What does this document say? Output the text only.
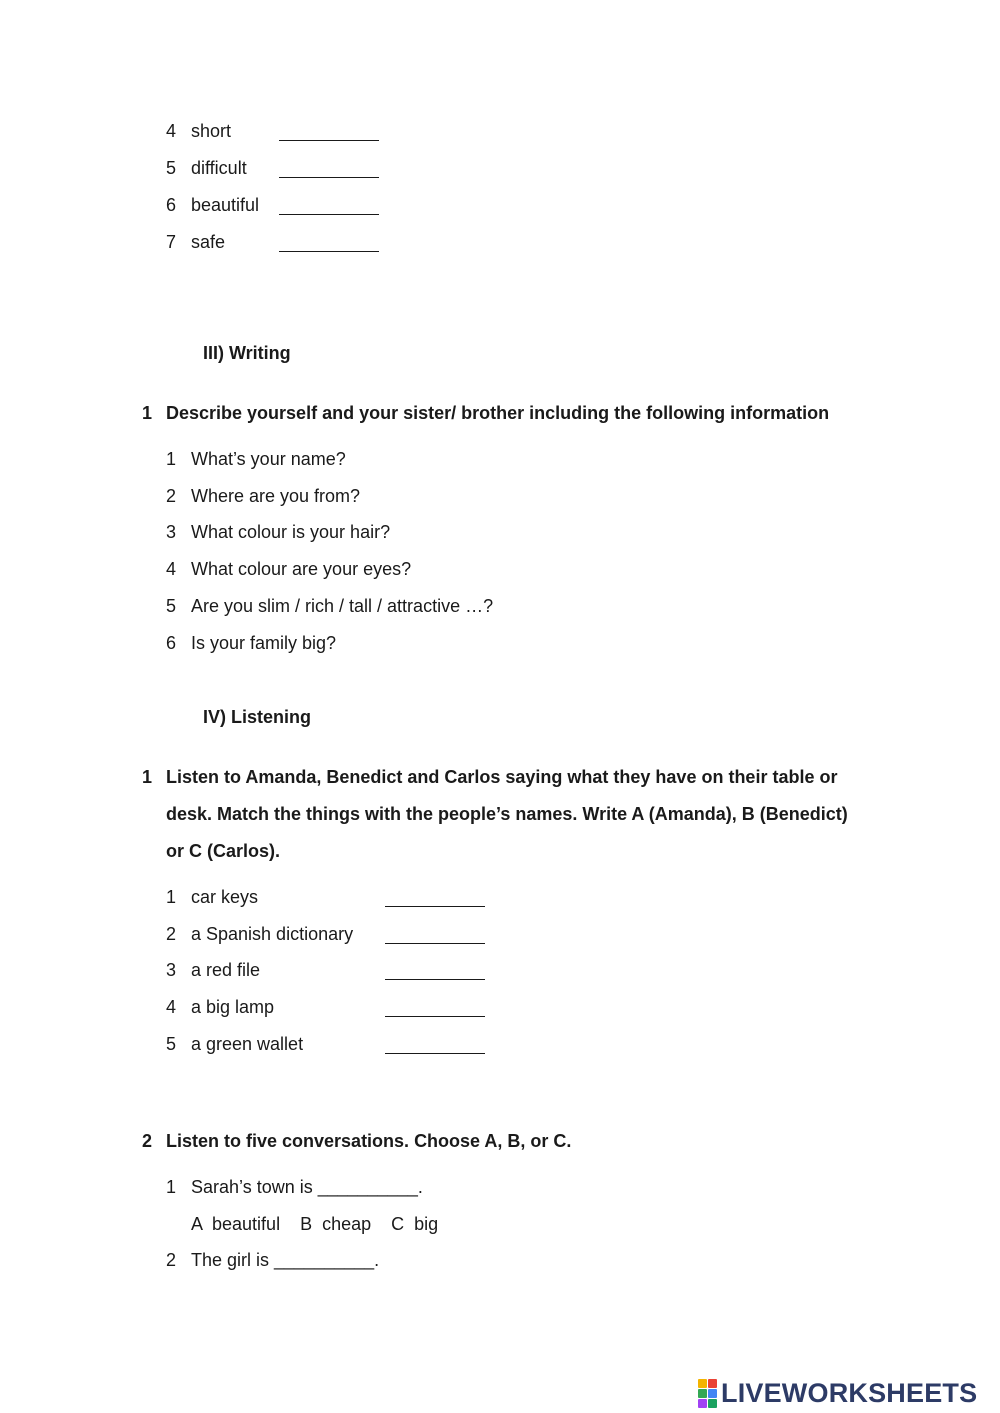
4 short
5 difficult
6 beautiful
7 safe
III) Writing
1 Describe yourself and your sister/ brother including the following information
1 What’s your name?
2 Where are you from?
3 What colour is your hair?
4 What colour are your eyes?
5 Are you slim / rich / tall / attractive …?
6 Is your family big?
IV) Listening
1 Listen to Amanda, Benedict and Carlos saying what they have on their table or
desk. Match the things with the people’s names. Write A (Amanda), B (Benedict)
or C (Carlos).
1 car keys
2 a Spanish dictionary
3 a red file
4 a big lamp
5 a green wallet
2 Listen to five conversations. Choose A, B, or C.
1 Sarah’s town is __________.
A  beautiful    B  cheap    C  big
2 The girl is __________.
LIVEWORKSHEETS
